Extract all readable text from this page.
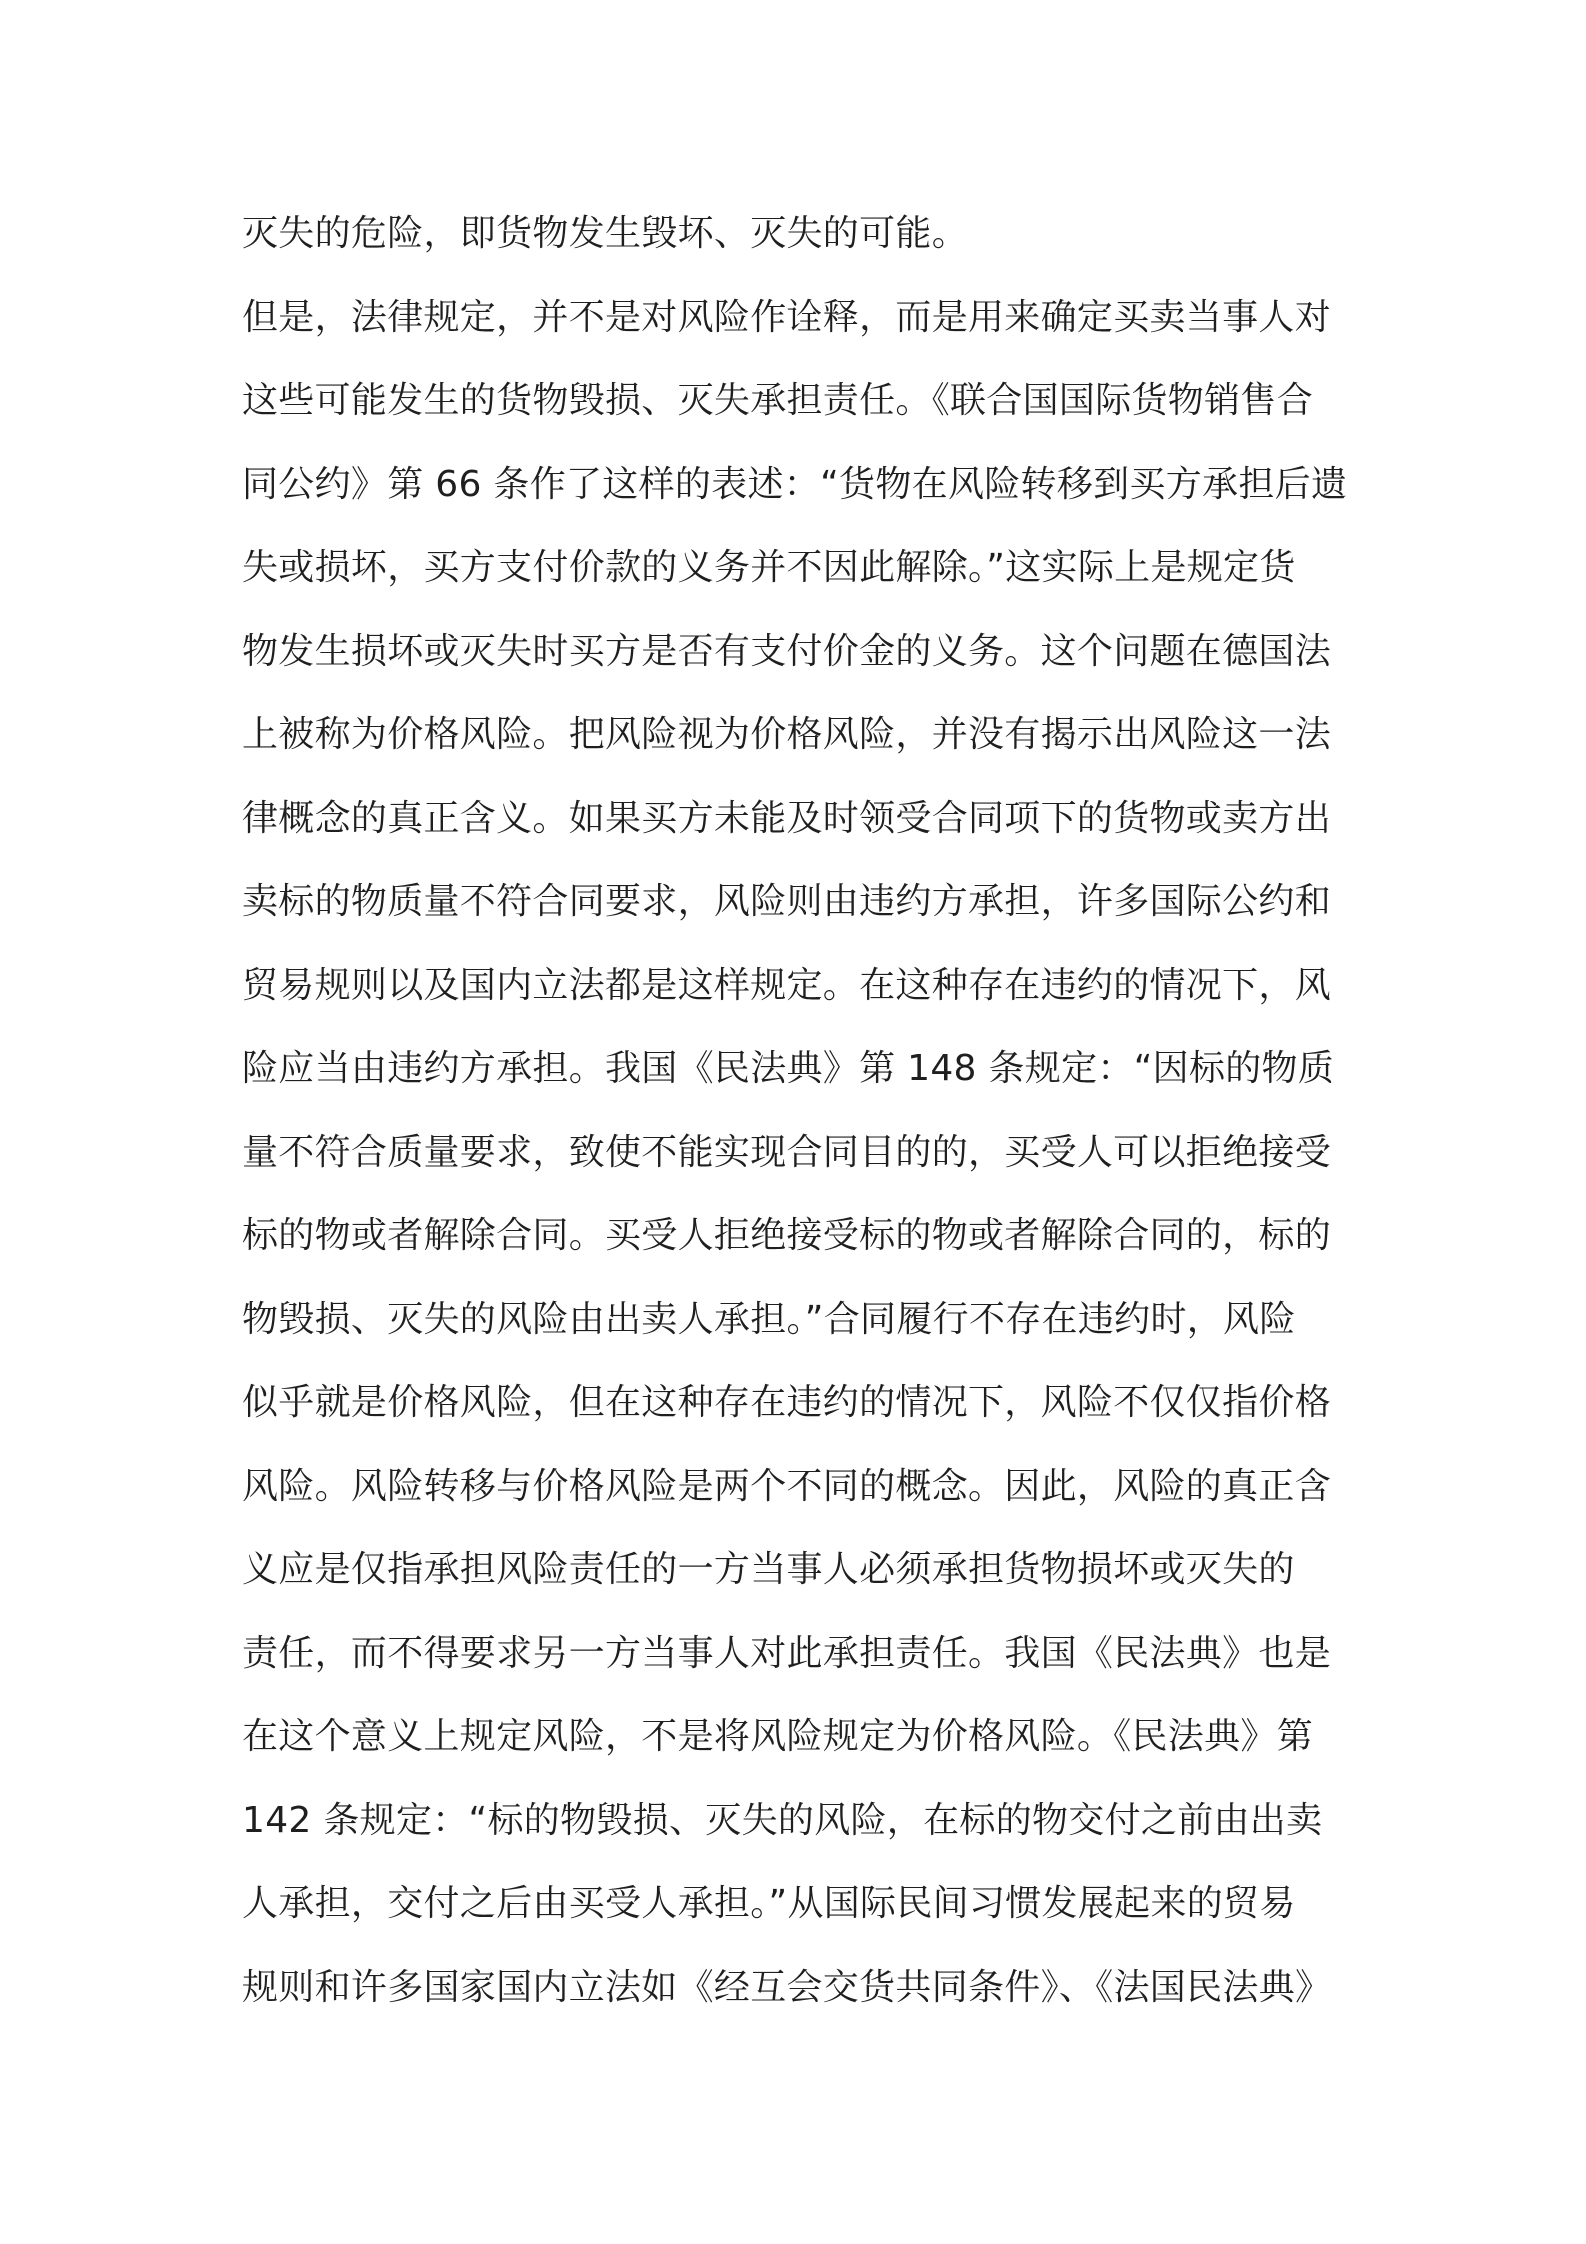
灭失的危险，即货物发生毁坏、灭失的可能。
但是，法律规定，并不是对风险作诠释，而是用来确定买卖当事人对
这些可能发生的货物毁损、灭失承担责任。《联合国国际货物销售合
同公约》第 66 条作了这样的表述：“货物在风险转移到买方承担后遗
失或损坏，买方支付价款的义务并不因此解除。”这实际上是规定货
物发生损坏或灭失时买方是否有支付价金的义务。这个问题在德国法
上被称为价格风险。把风险视为价格风险，并没有揭示出风险这一法
律概念的真正含义。如果买方未能及时领受合同项下的货物或卖方出
卖标的物质量不符合同要求，风险则由违约方承担，许多国际公约和
贸易规则以及国内立法都是这样规定。在这种存在违约的情况下，风
险应当由违约方承担。我国《民法典》第 148 条规定：“因标的物质
量不符合质量要求，致使不能实现合同目的的，买受人可以拒绝接受
标的物或者解除合同。买受人拒绝接受标的物或者解除合同的，标的
物毁损、灭失的风险由出卖人承担。”合同履行不存在违约时，风险
似乎就是价格风险，但在这种存在违约的情况下，风险不仅仅指价格
风险。风险转移与价格风险是两个不同的概念。因此，风险的真正含
义应是仅指承担风险责任的一方当事人必须承担货物损坏或灭失的
责任，而不得要求另一方当事人对此承担责任。我国《民法典》也是
在这个意义上规定风险，不是将风险规定为价格风险。《民法典》第
142 条规定：“标的物毁损、灭失的风险，在标的物交付之前由出卖
人承担，交付之后由买受人承担。”从国际民间习惯发展起来的贸易
规则和许多国家国内立法如《经互会交货共同条件》、《法国民法典》
